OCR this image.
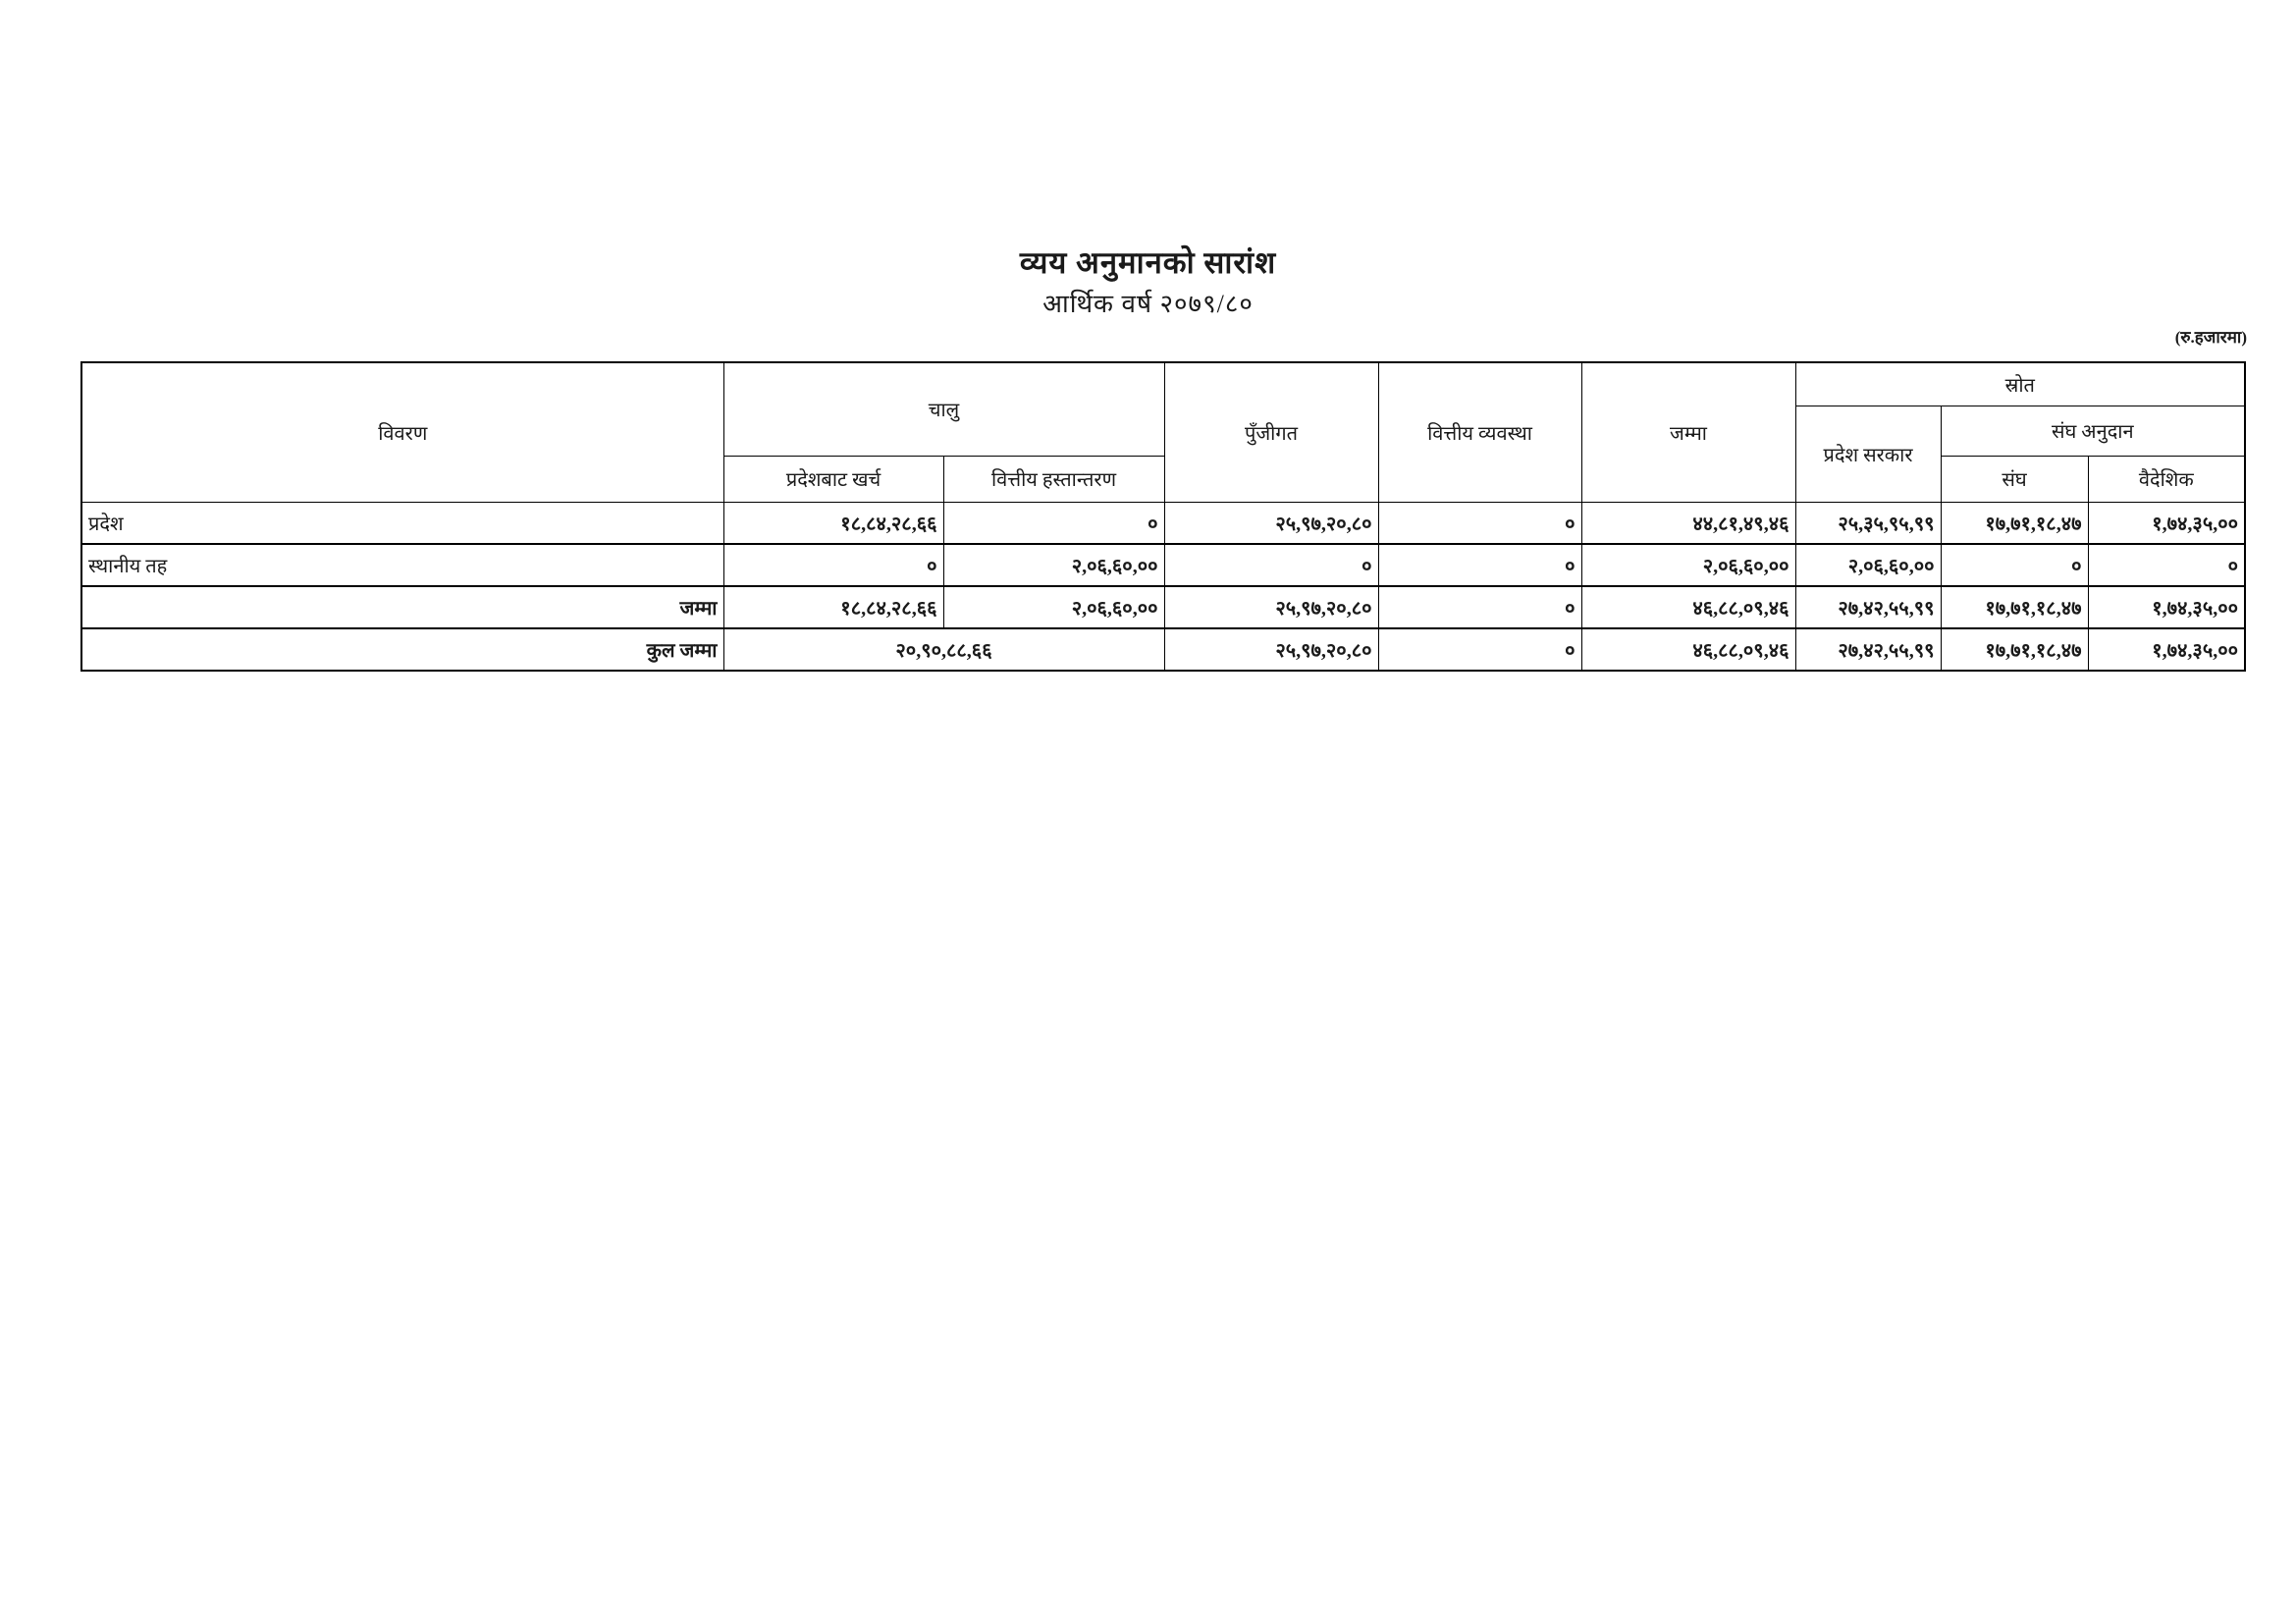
व्यय अनुमानको सारांश
आर्थिक वर्ष २०७९/८०
(रु.हजारमा)
विवरण	चालु		पुँजीगत	वित्तीय व्यवस्था	जम्मा	स्रोत		
						प्रदेश सरकार	संघ अनुदान	
	प्रदेशबाट खर्च	वित्तीय हस्तान्तरण					संघ	वैदेशिक
प्रदेश	१८,८४,२८,६६	०	२५,९७,२०,८०	०	४४,८१,४९,४६	२५,३५,९५,९९	१७,७१,१८,४७	१,७४,३५,००
स्थानीय तह	०	२,०६,६०,००	०	०	२,०६,६०,००	२,०६,६०,००	०	०
जम्मा	१८,८४,२८,६६	२,०६,६०,००	२५,९७,२०,८०	०	४६,८८,०९,४६	२७,४२,५५,९९	१७,७१,१८,४७	१,७४,३५,००
कुल जम्मा	२०,९०,८८,६६		२५,९७,२०,८०	०	४६,८८,०९,४६	२७,४२,५५,९९	१७,७१,१८,४७	१,७४,३५,००
